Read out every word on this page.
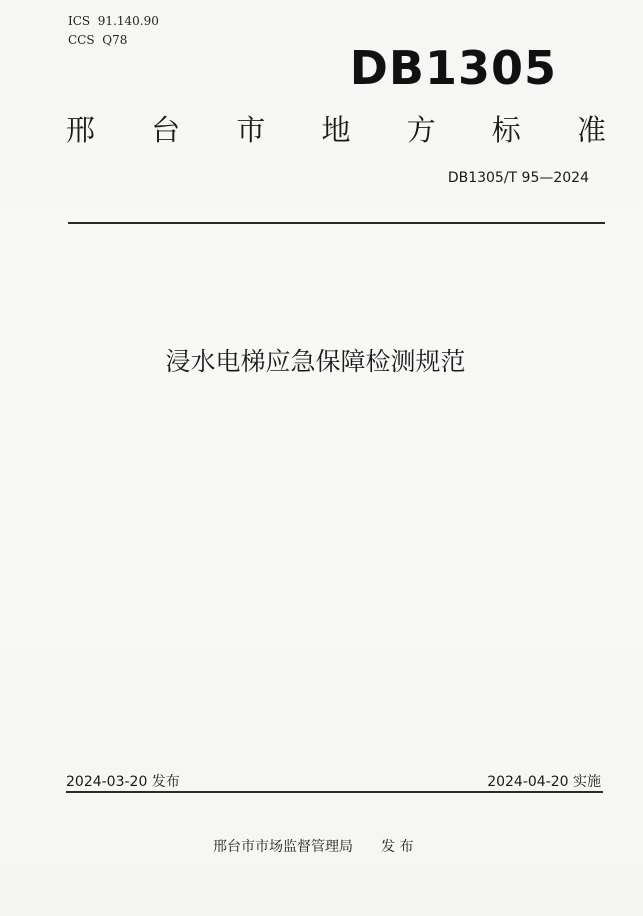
ICS 91.140.90
CCS Q78
DB1305
邢 台 市 地 方 标 准
DB1305/T 95—2024
浸水电梯应急保障检测规范
2024-03-20 发布	2024-04-20 实施
邢台市市场监督管理局 发 布
